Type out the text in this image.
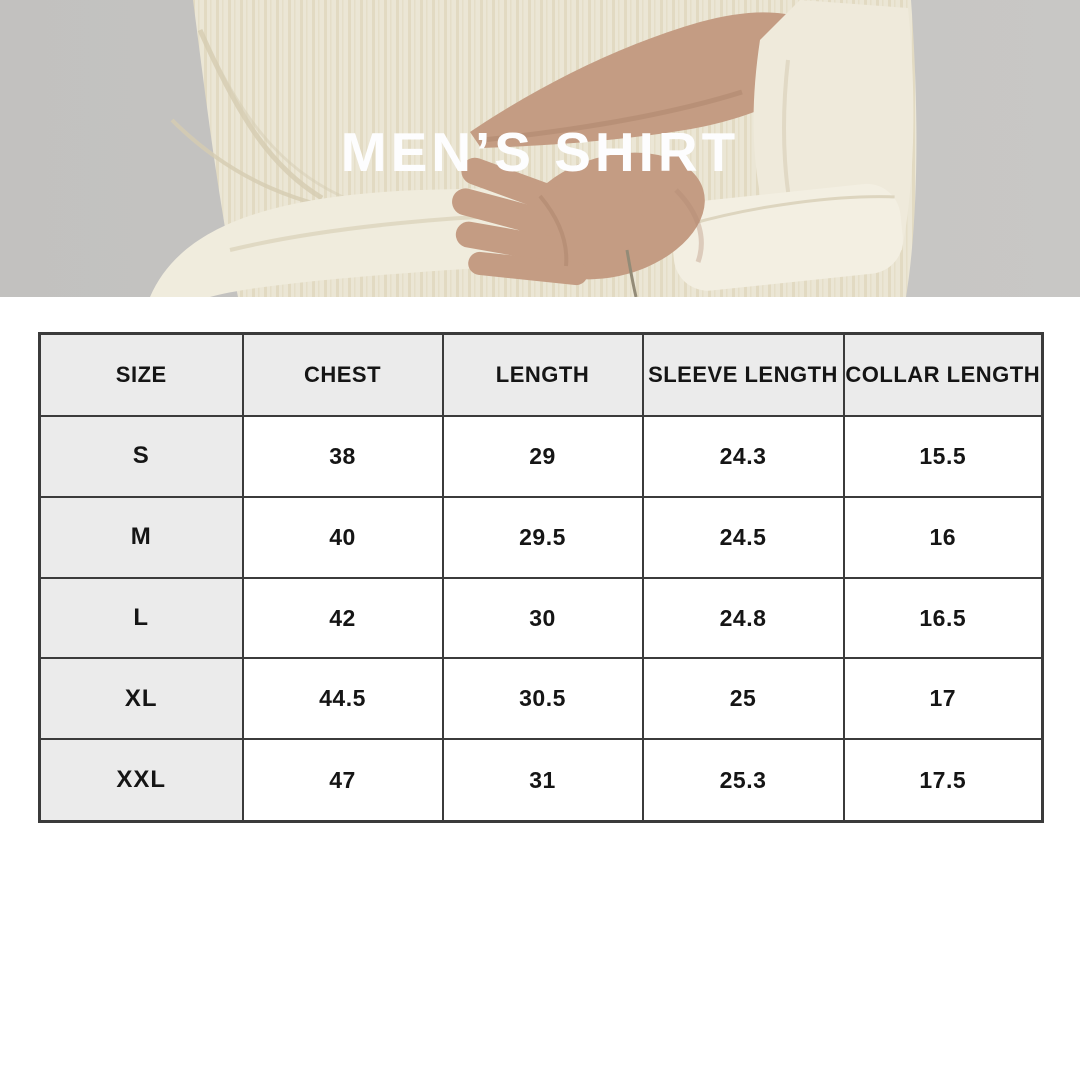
MEN’S SHIRT
SIZE	CHEST	LENGTH	SLEEVE LENGTH	COLLAR LENGTH
S	38	29	24.3	15.5
M	40	29.5	24.5	16
L	42	30	24.8	16.5
XL	44.5	30.5	25	17
XXL	47	31	25.3	17.5
